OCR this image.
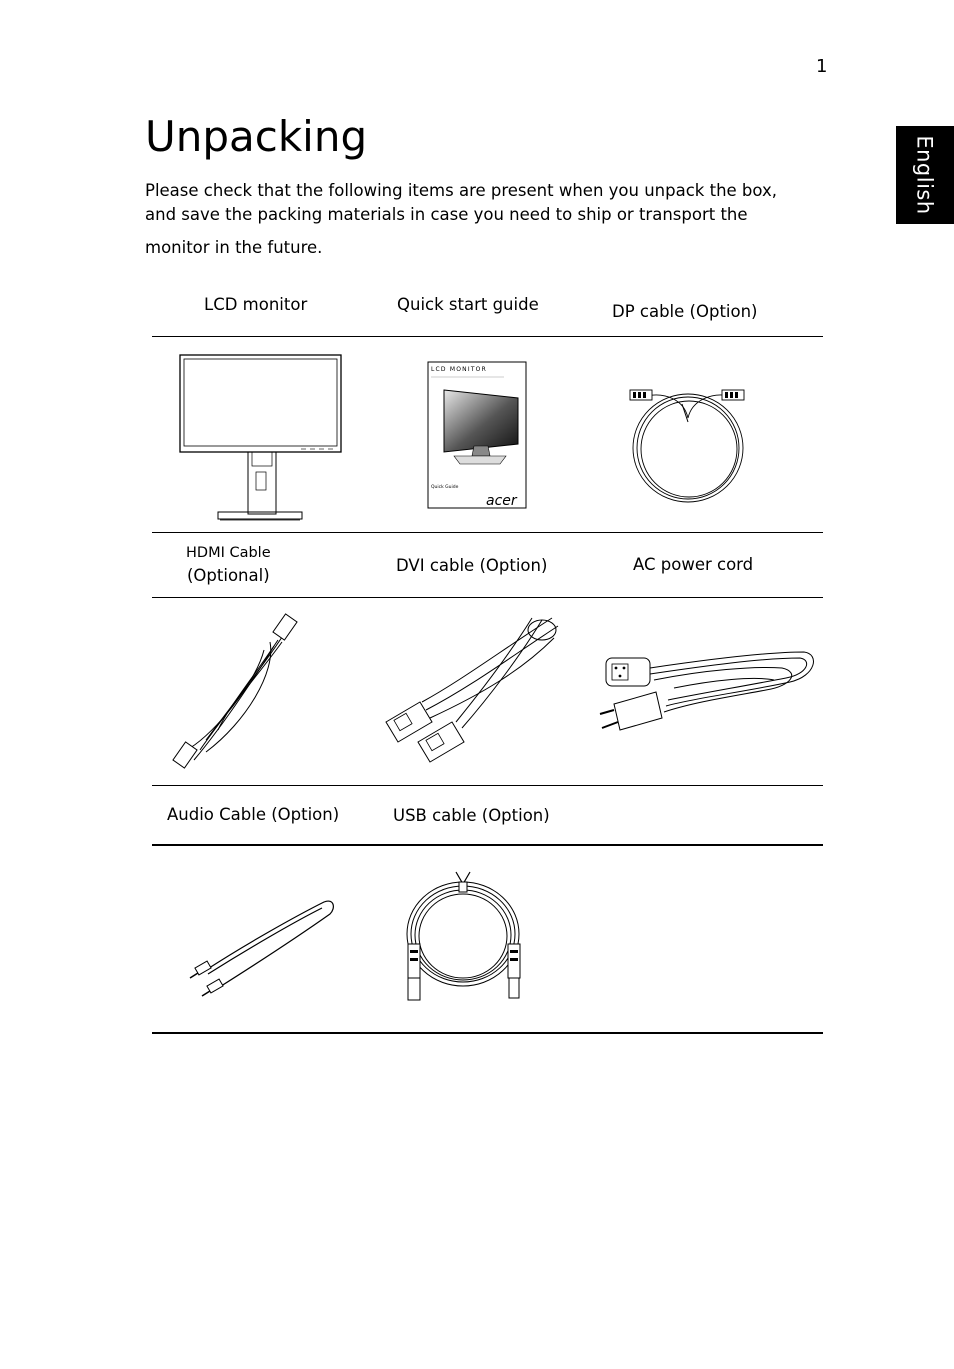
1
English
Unpacking
Please check that the following items are present when you unpack the box,
and save the packing materials in case you need to ship or transport the
monitor in the future.
LCD monitor	Quick start guide	DP cable (Option)
LCD MONITOR
Quick Guide
acer
HDMI Cable
(Optional)
DVI cable (Option)	AC power cord
Audio Cable (Option)	USB cable (Option)
